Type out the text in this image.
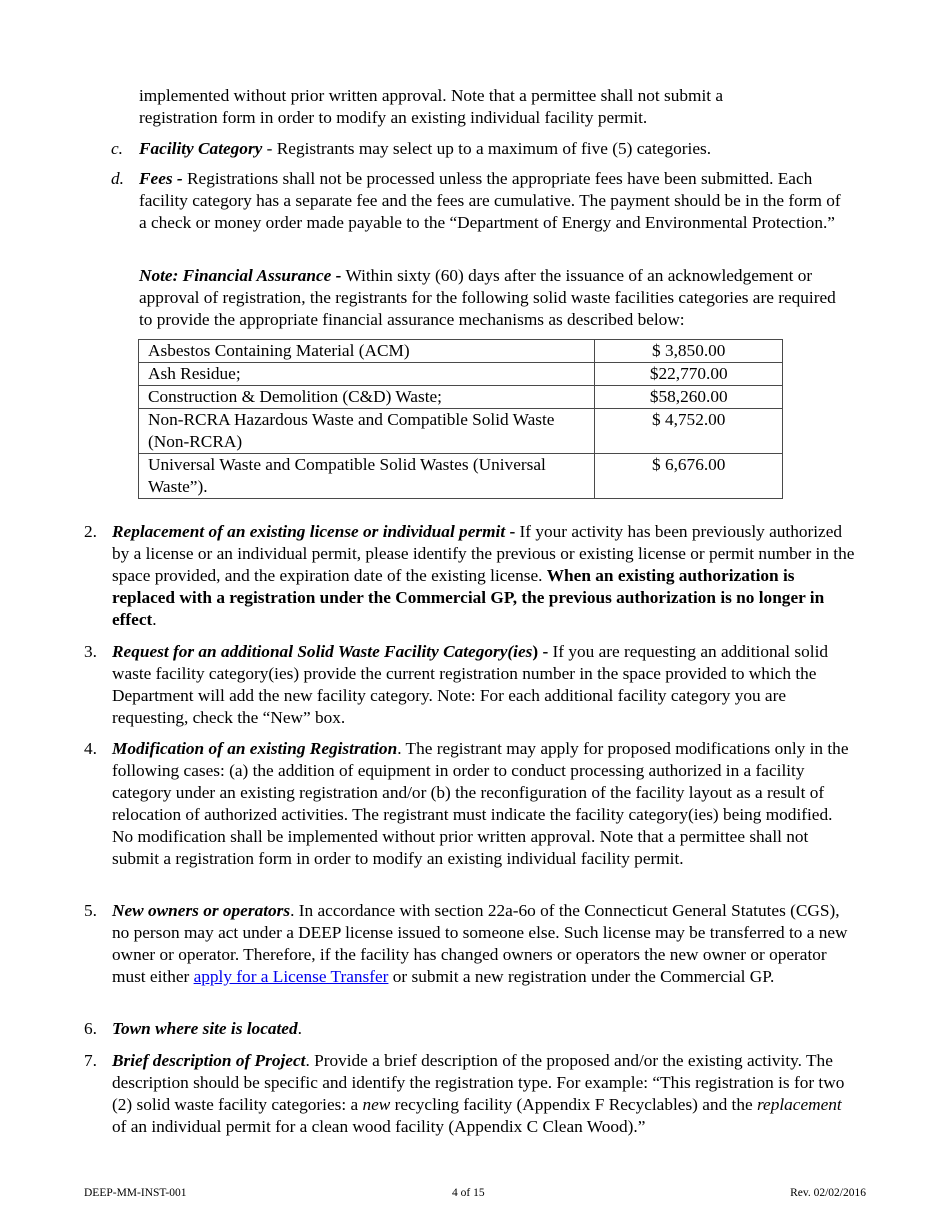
implemented without prior written approval. Note that a permittee shall not submit a
registration form in order to modify an existing individual facility permit.
c. Facility Category - Registrants may select up to a maximum of five (5) categories.
d. Fees - Registrations shall not be processed unless the appropriate fees have been submitted. Each facility category has a separate fee and the fees are cumulative. The payment should be in the form of a check or money order made payable to the “Department of Energy and Environmental Protection.”
Note: Financial Assurance - Within sixty (60) days after the issuance of an acknowledgement or approval of registration, the registrants for the following solid waste facilities categories are required to provide the appropriate financial assurance mechanisms as described below:
Asbestos Containing Material (ACM)	$ 3,850.00
Ash Residue;	$22,770.00
Construction & Demolition (C&D) Waste;	$58,260.00
Non-RCRA Hazardous Waste and Compatible Solid Waste (Non-RCRA)	$ 4,752.00
Universal Waste and Compatible Solid Wastes (Universal Waste”).	$ 6,676.00
2. Replacement of an existing license or individual permit - If your activity has been previously authorized by a license or an individual permit, please identify the previous or existing license or permit number in the space provided, and the expiration date of the existing license. When an existing authorization is replaced with a registration under the Commercial GP, the previous authorization is no longer in effect.
3. Request for an additional Solid Waste Facility Category(ies) - If you are requesting an additional solid waste facility category(ies) provide the current registration number in the space provided to which the Department will add the new facility category. Note: For each additional facility category you are requesting, check the “New” box.
4. Modification of an existing Registration. The registrant may apply for proposed modifications only in the following cases: (a) the addition of equipment in order to conduct processing authorized in a facility category under an existing registration and/or (b) the reconfiguration of the facility layout as a result of relocation of authorized activities. The registrant must indicate the facility category(ies) being modified. No modification shall be implemented without prior written approval. Note that a permittee shall not submit a registration form in order to modify an existing individual facility permit.
5. New owners or operators. In accordance with section 22a-6o of the Connecticut General Statutes (CGS), no person may act under a DEEP license issued to someone else. Such license may be transferred to a new owner or operator. Therefore, if the facility has changed owners or operators the new owner or operator must either apply for a License Transfer or submit a new registration under the Commercial GP.
6. Town where site is located.
7. Brief description of Project. Provide a brief description of the proposed and/or the existing activity. The description should be specific and identify the registration type. For example: “This registration is for two (2) solid waste facility categories: a new recycling facility (Appendix F Recyclables) and the replacement of an individual permit for a clean wood facility (Appendix C Clean Wood).”
DEEP-MM-INST-001	4 of 15	Rev. 02/02/2016
